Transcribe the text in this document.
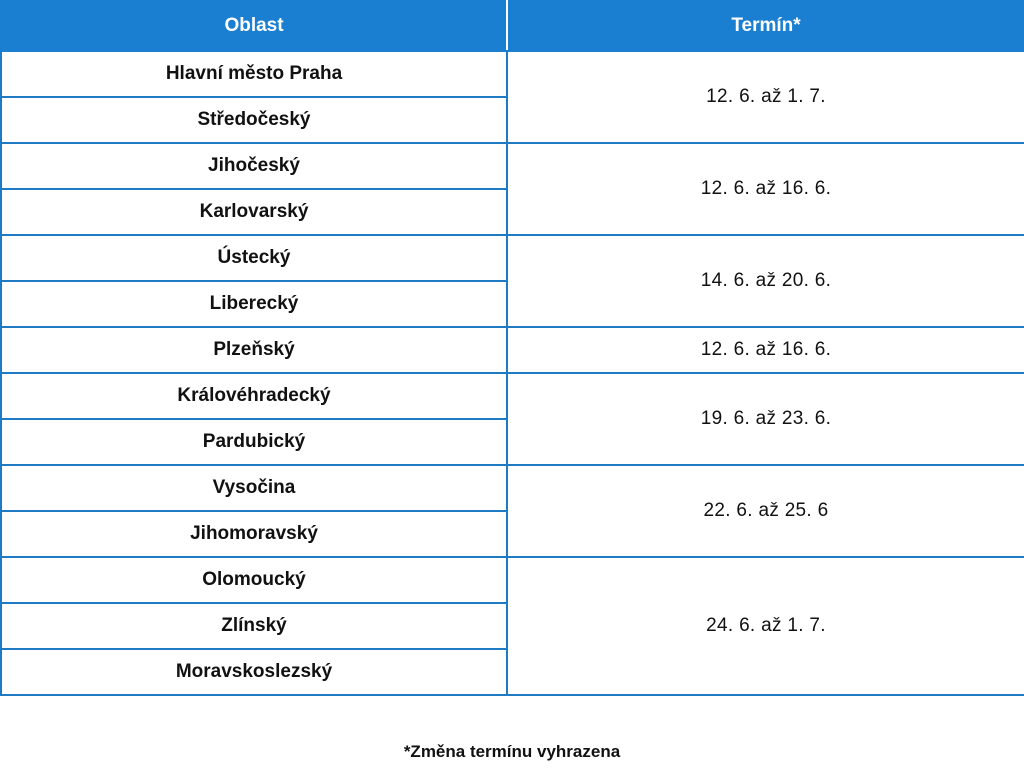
Oblast	Termín*
Hlavní město Praha	12. 6. až 1. 7.
Středočeský	
Jihočeský	12. 6. až 16. 6.
Karlovarský	
Ústecký	14. 6. až 20. 6.
Liberecký	
Plzeňský	12. 6. až 16. 6.
Královéhradecký	19. 6. až 23. 6.
Pardubický	
Vysočina	22. 6. až 25. 6
Jihomoravský	
Olomoucký	24. 6. až 1. 7.
Zlínský	
Moravskoslezský	
*Změna termínu vyhrazena
